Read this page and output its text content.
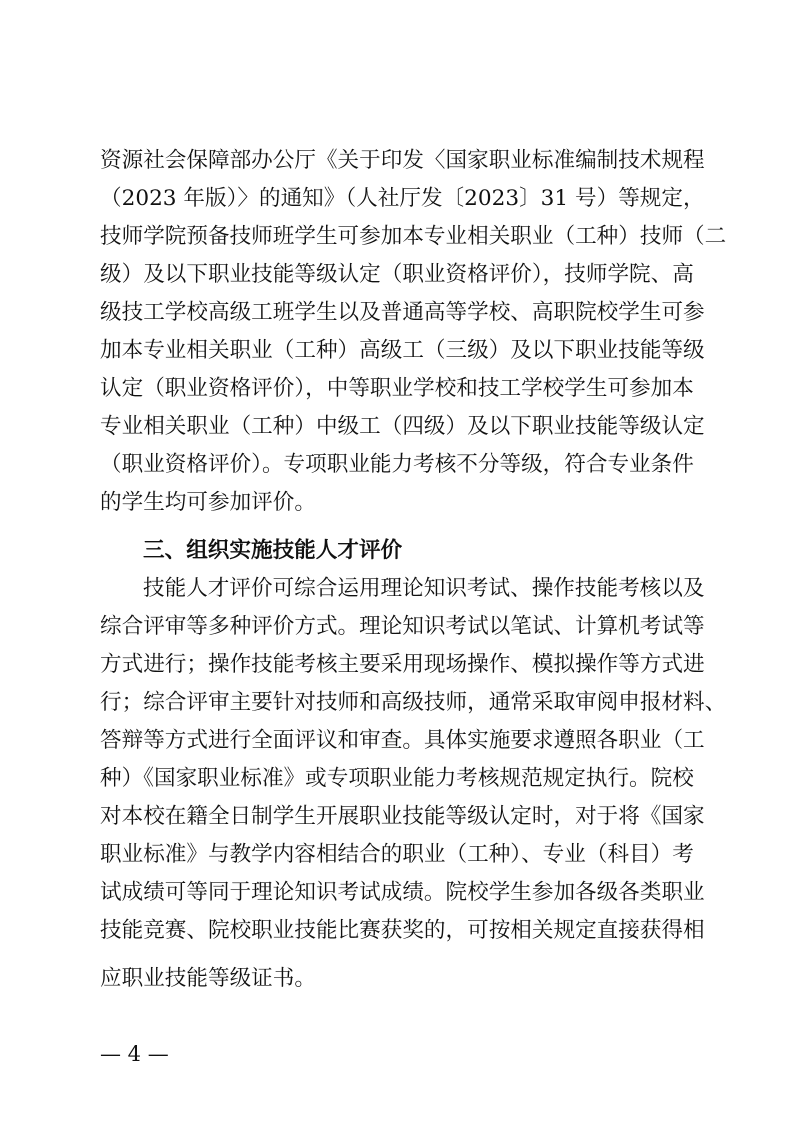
资源社会保障部办公厅《关于印发〈国家职业标准编制技术规程
（2023 年版）〉的通知》（人社厅发〔2023〕31 号）等规定，
技师学院预备技师班学生可参加本专业相关职业（工种）技师（二
级）及以下职业技能等级认定（职业资格评价），技师学院、高
级技工学校高级工班学生以及普通高等学校、高职院校学生可参
加本专业相关职业（工种）高级工（三级）及以下职业技能等级
认定（职业资格评价），中等职业学校和技工学校学生可参加本
专业相关职业（工种）中级工（四级）及以下职业技能等级认定
（职业资格评价）。专项职业能力考核不分等级，符合专业条件
的学生均可参加评价。
三、组织实施技能人才评价
技能人才评价可综合运用理论知识考试、操作技能考核以及
综合评审等多种评价方式。理论知识考试以笔试、计算机考试等
方式进行；操作技能考核主要采用现场操作、模拟操作等方式进
行；综合评审主要针对技师和高级技师，通常采取审阅申报材料、
答辩等方式进行全面评议和审查。具体实施要求遵照各职业（工
种）《国家职业标准》或专项职业能力考核规范规定执行。院校
对本校在籍全日制学生开展职业技能等级认定时，对于将《国家
职业标准》与教学内容相结合的职业（工种）、专业（科目）考
试成绩可等同于理论知识考试成绩。院校学生参加各级各类职业
技能竞赛、院校职业技能比赛获奖的，可按相关规定直接获得相
应职业技能等级证书。
— 4 —
